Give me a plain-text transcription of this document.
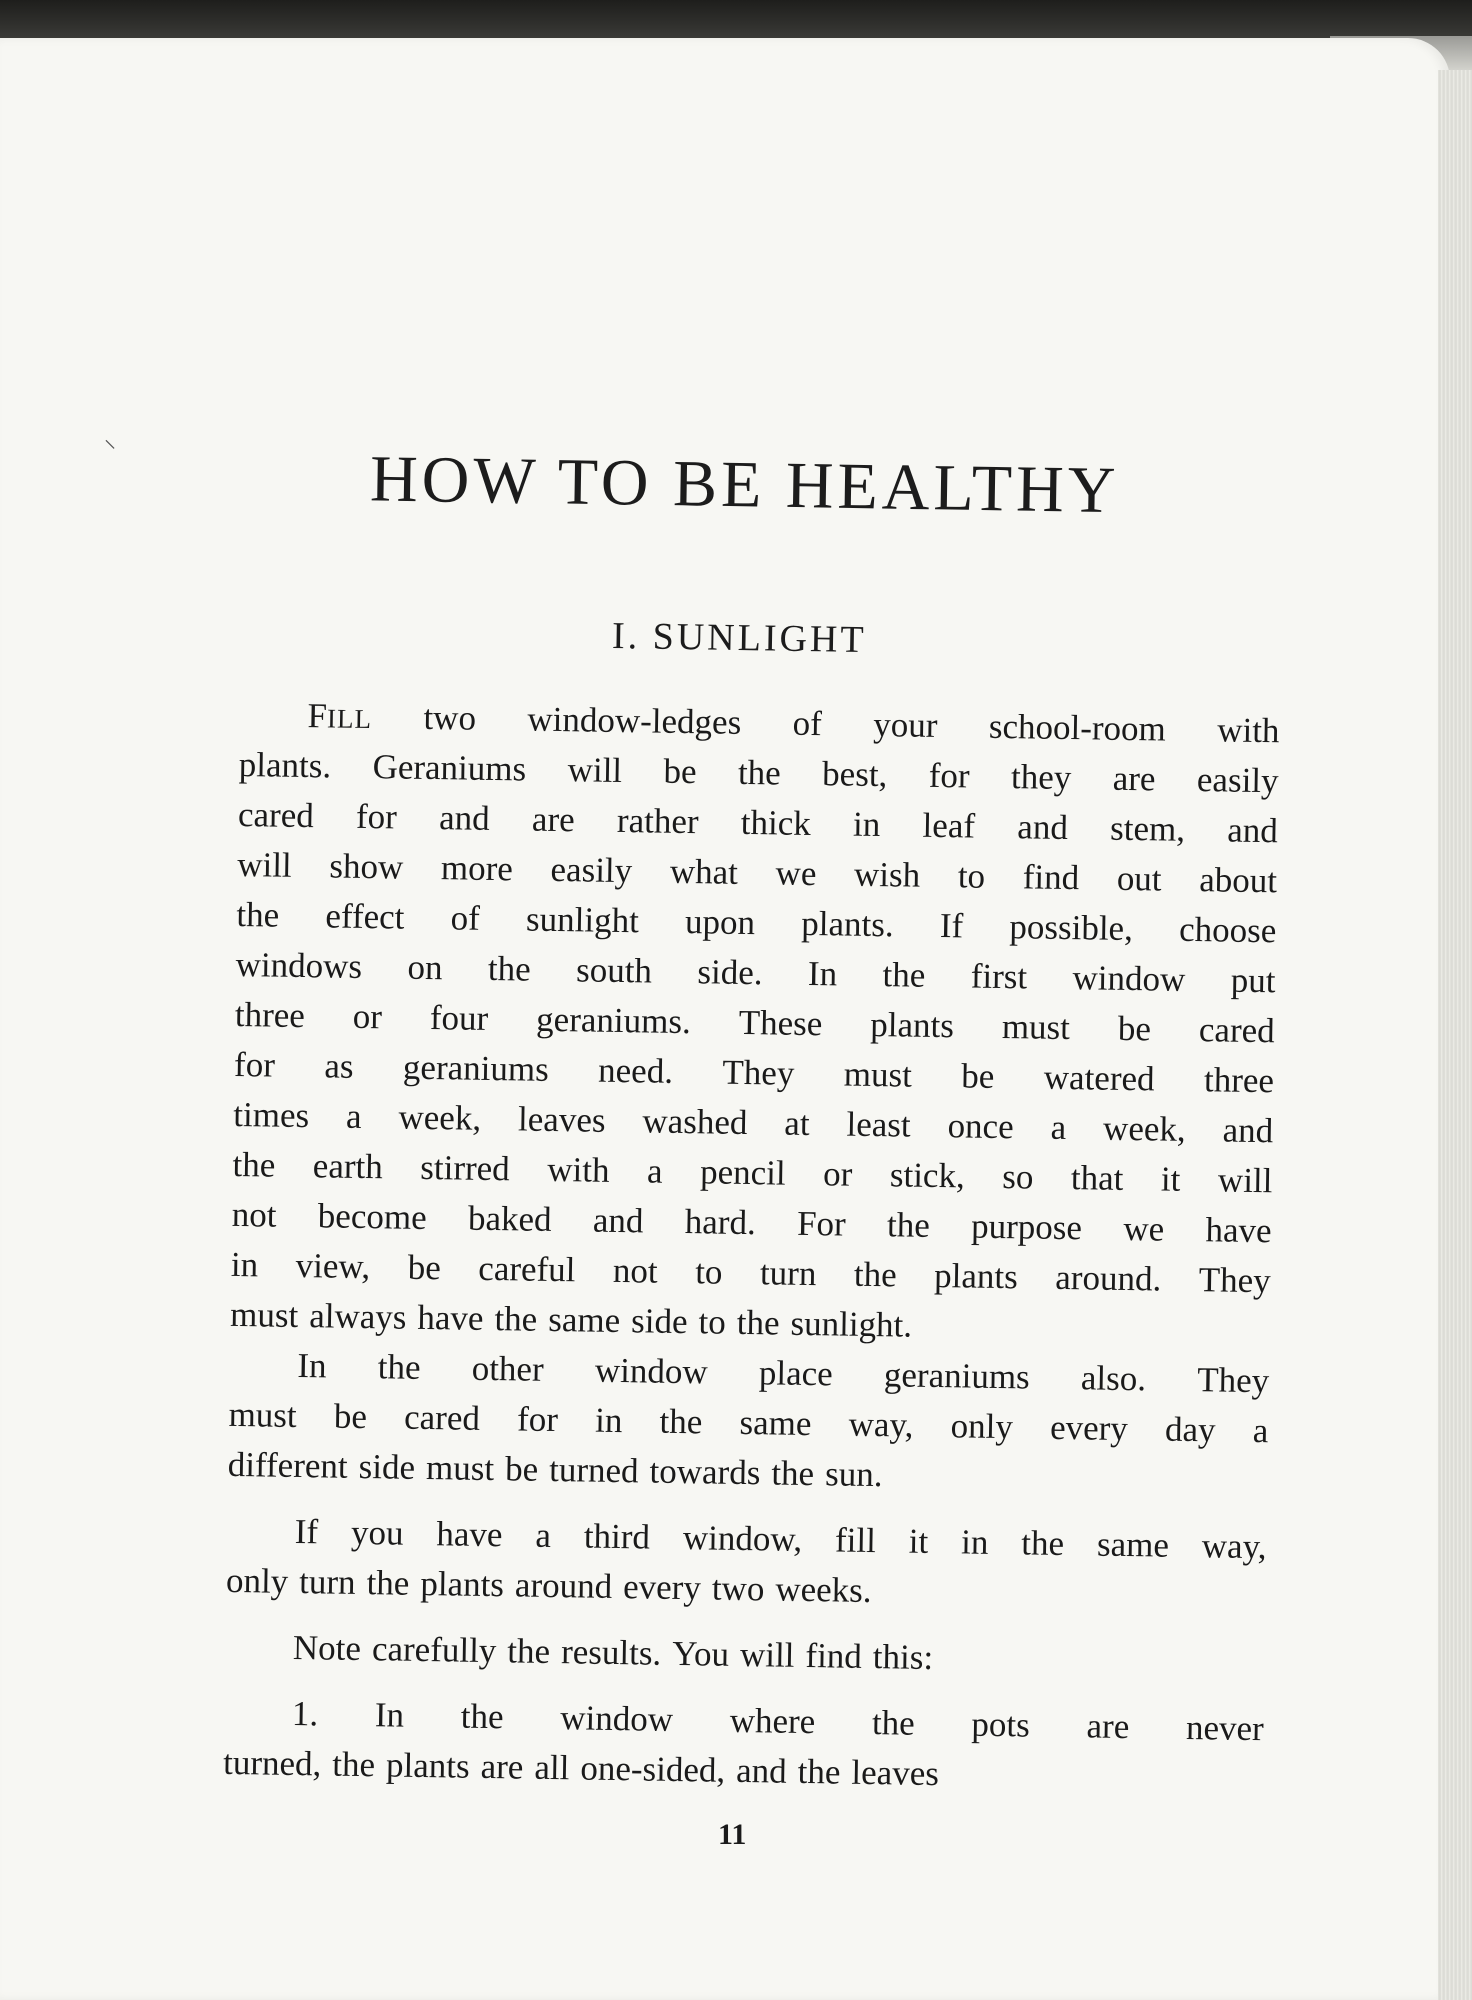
⸌	HOW TO BE HEALTHY
I. SUNLIGHT
FILL two window-ledges of your school-room with
plants. Geraniums will be the best, for they are easily
cared for and are rather thick in leaf and stem, and
will show more easily what we wish to find out about
the effect of sunlight upon plants. If possible, choose
windows on the south side. In the first window put
three or four geraniums. These plants must be cared
for as geraniums need. They must be watered three
times a week, leaves washed at least once a week, and
the earth stirred with a pencil or stick, so that it will
not become baked and hard. For the purpose we have
in view, be careful not to turn the plants around. They
must always have the same side to the sunlight.
In the other window place geraniums also. They
must be cared for in the same way, only every day a
different side must be turned towards the sun.
If you have a third window, fill it in the same way,
only turn the plants around every two weeks.
Note carefully the results. You will find this:
1. In the window where the pots are never
turned, the plants are all one-sided, and the leaves
11
